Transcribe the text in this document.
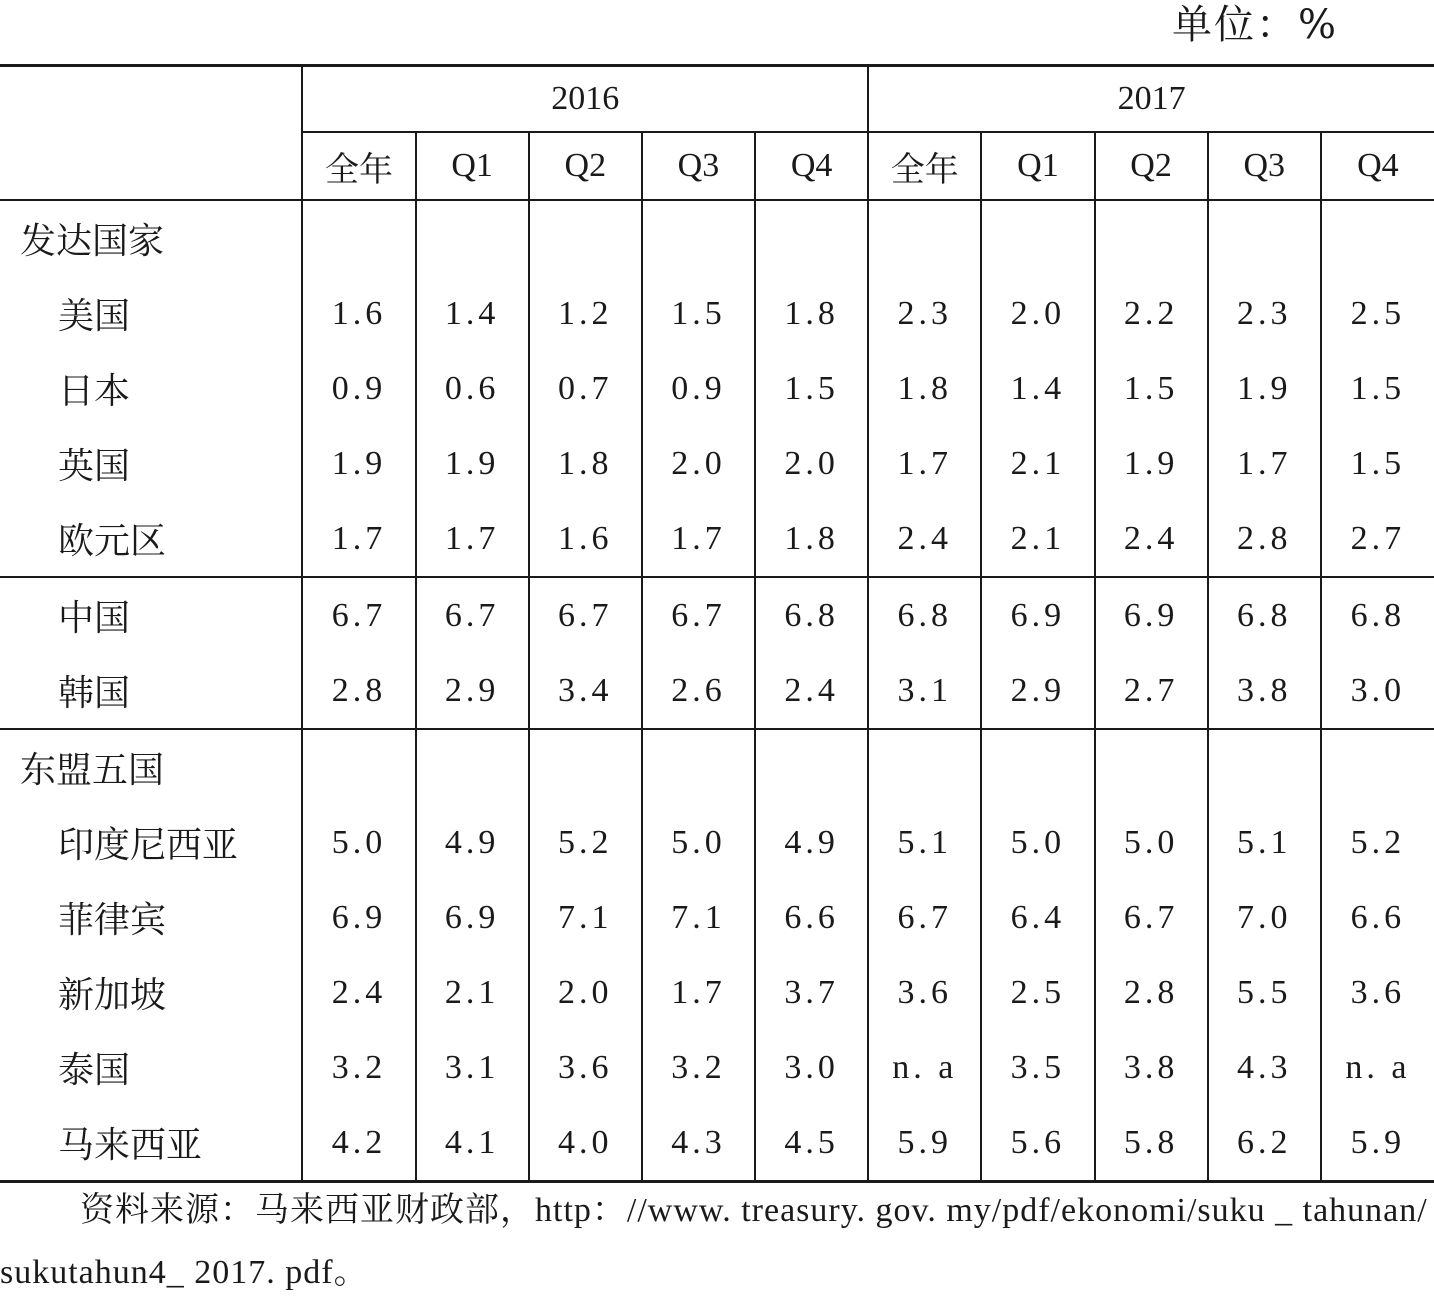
单位：%
	2016					2017				
	全年	Q1	Q2	Q3	Q4	全年	Q1	Q2	Q3	Q4
发达国家										
美国	1.6	1.4	1.2	1.5	1.8	2.3	2.0	2.2	2.3	2.5
日本	0.9	0.6	0.7	0.9	1.5	1.8	1.4	1.5	1.9	1.5
英国	1.9	1.9	1.8	2.0	2.0	1.7	2.1	1.9	1.7	1.5
欧元区	1.7	1.7	1.6	1.7	1.8	2.4	2.1	2.4	2.8	2.7
中国	6.7	6.7	6.7	6.7	6.8	6.8	6.9	6.9	6.8	6.8
韩国	2.8	2.9	3.4	2.6	2.4	3.1	2.9	2.7	3.8	3.0
东盟五国										
印度尼西亚	5.0	4.9	5.2	5.0	4.9	5.1	5.0	5.0	5.1	5.2
菲律宾	6.9	6.9	7.1	7.1	6.6	6.7	6.4	6.7	7.0	6.6
新加坡	2.4	2.1	2.0	1.7	3.7	3.6	2.5	2.8	5.5	3.6
泰国	3.2	3.1	3.6	3.2	3.0	n. a	3.5	3.8	4.3	n. a
马来西亚	4.2	4.1	4.0	4.3	4.5	5.9	5.6	5.8	6.2	5.9
资料来源：马来西亚财政部，http：//www. treasury. gov. my/pdf/ekonomi/suku _ tahunan/sukutahun4_ 2017. pdf。
